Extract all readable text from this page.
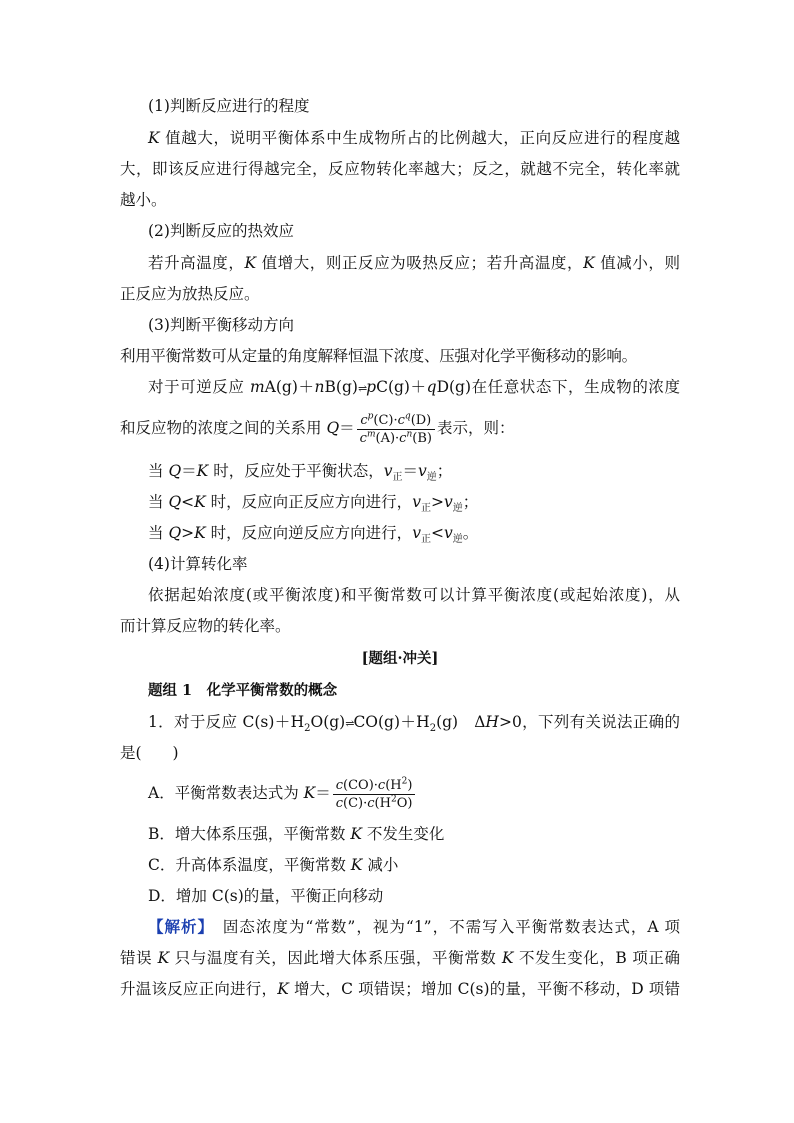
(1)判断反应进行的程度
K 值越大，说明平衡体系中生成物所占的比例越大，正向反应进行的程度越
大，即该反应进行得越完全，反应物转化率越大；反之，就越不完全，转化率就
越小。
(2)判断反应的热效应
若升高温度，K 值增大，则正反应为吸热反应；若升高温度，K 值减小，则
正反应为放热反应。
(3)判断平衡移动方向
利用平衡常数可从定量的角度解释恒温下浓度、压强对化学平衡移动的影响。
对于可逆反应 mA(g)＋nB(g)⇌pC(g)＋qD(g)在任意状态下，生成物的浓度
和反应物的浓度之间的关系用 $Q= \frac{c^p(C)\cdot c^q(D)}{c^m(A)\cdot c^n(B)}$ 表示，则：
当 Q＝K 时，反应处于平衡状态，$v_正=v_逆$；
当 Q<K 时，反应向正反应方向进行，$v_正>v_逆$；
当 Q>K 时，反应向逆反应方向进行，$v_正<v_逆$。
(4)计算转化率
依据起始浓度(或平衡浓度)和平衡常数可以计算平衡浓度(或起始浓度)，从
而计算反应物的转化率。
[题组·冲关]
题组 1　化学平衡常数的概念
1．对于反应 $C(s)+H_2O(g)\rightleftharpoons CO(g)+H_2(g)$　ΔH>0，下列有关说法正确的
是(　　)
A．平衡常数表达式为 $K= \frac{c(CO)\cdot c(H^2)}{c(C)\cdot c(H^2O)}$
B．增大体系压强，平衡常数 K 不发生变化
C．升高体系温度，平衡常数 K 减小
D．增加 C(s)的量，平衡正向移动
【解析】　固态浓度为“常数”，视为“1”，不需写入平衡常数表达式，A 项
错误 K 只与温度有关，因此增大体系压强，平衡常数 K 不发生变化，B 项正确
升温该反应正向进行，K 增大，C 项错误；增加 C(s)的量，平衡不移动，D 项错
